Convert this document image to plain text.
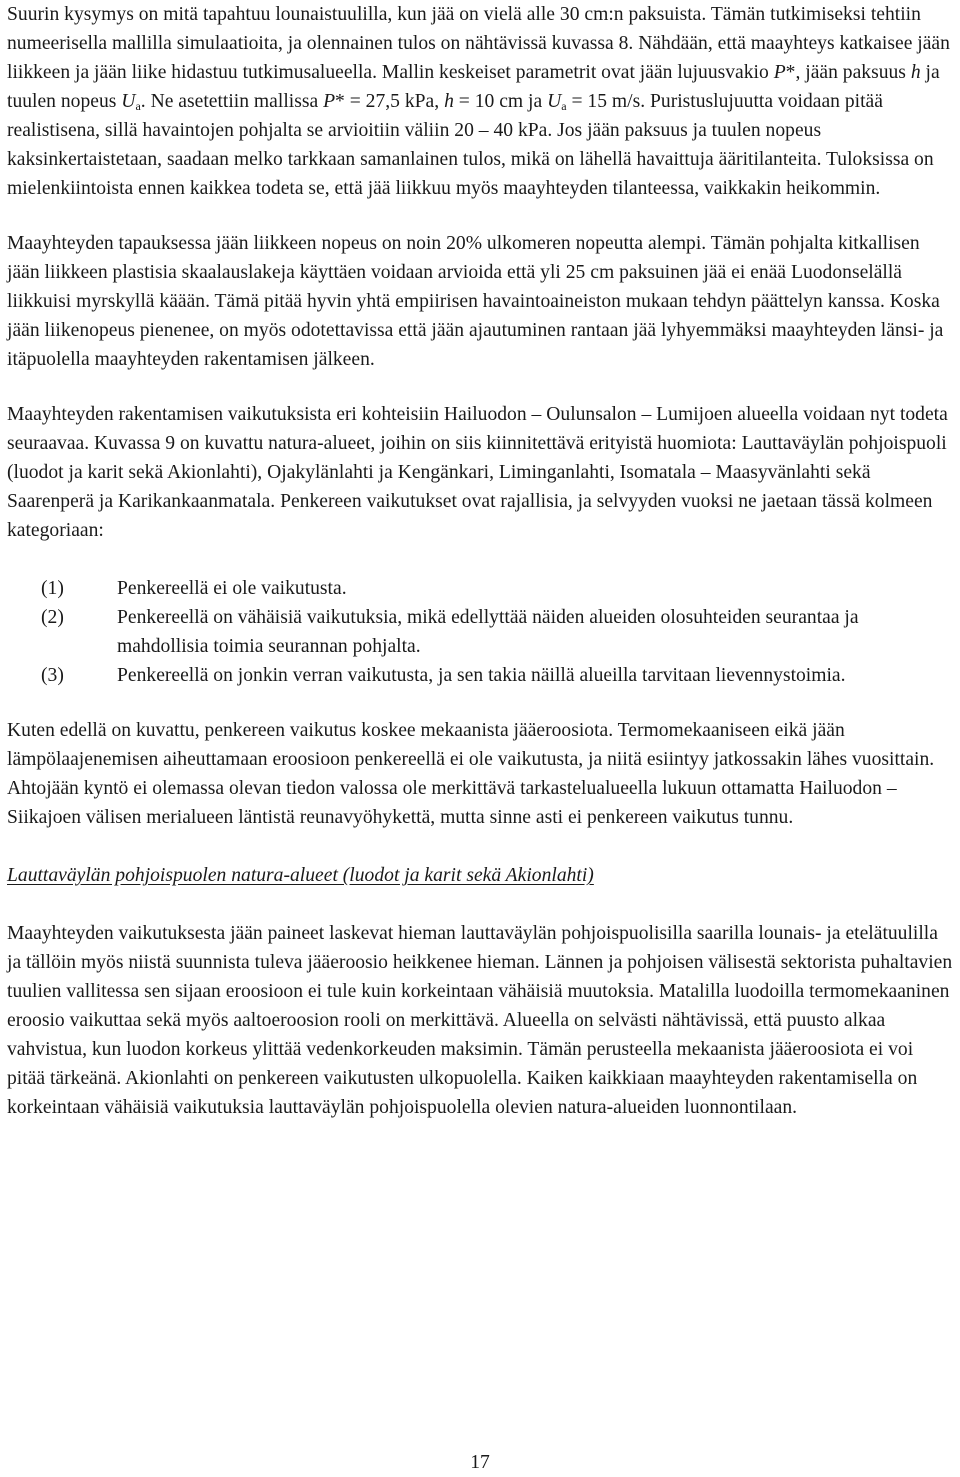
Suurin kysymys on mitä tapahtuu lounaistuulilla, kun jää on vielä alle 30 cm:n paksuista. Tämän tutkimiseksi tehtiin numeerisella mallilla simulaatioita, ja olennainen tulos on nähtävissä kuvassa 8. Nähdään, että maayhteys katkaisee jään liikkeen ja jään liike hidastuu tutkimusalueella. Mallin keskeiset parametrit ovat jään lujuusvakio P*, jään paksuus h ja tuulen nopeus $U_a$. Ne asetettiin mallissa P* = 27,5 kPa, h = 10 cm ja $U_a = 15$ m/s. Puristuslujuutta voidaan pitää realistisena, sillä havaintojen pohjalta se arvioitiin väliin 20 – 40 kPa. Jos jään paksuus ja tuulen nopeus kaksinkertaistetaan, saadaan melko tarkkaan samanlainen tulos, mikä on lähellä havaittuja ääritilanteita. Tuloksissa on mielenkiintoista ennen kaikkea todeta se, että jää liikkuu myös maayhteyden tilanteessa, vaikkakin heikommin.

Maayhteyden tapauksessa jään liikkeen nopeus on noin 20% ulkomeren nopeutta alempi. Tämän pohjalta kitkallisen jään liikkeen plastisia skaalauslakeja käyttäen voidaan arvioida että yli 25 cm paksuinen jää ei enää Luodonselällä liikkuisi myrskyllä käään. Tämä pitää hyvin yhtä empiirisen havaintoaineiston mukaan tehdyn päättelyn kanssa. Koska jään liikenopeus pienenee, on myös odotettavissa että jään ajautuminen rantaan jää lyhyemmäksi maayhteyden länsi- ja itäpuolella maayhteyden rakentamisen jälkeen.

Maayhteyden rakentamisen vaikutuksista eri kohteisiin Hailuodon – Oulunsalon – Lumijoen alueella voidaan nyt todeta seuraavaa. Kuvassa 9 on kuvattu natura-alueet, joihin on siis kiinnitettävä erityistä huomiota: Lauttaväylän pohjoispuoli (luodot ja karit sekä Akionlahti), Ojakylänlahti ja Kengänkari, Liminganlahti, Isomatala – Maasyvänlahti sekä Saarenperä ja Karikankaanmatala. Penkereen vaikutukset ovat rajallisia, ja selvyyden vuoksi ne jaetaan tässä kolmeen kategoriaan:

(1)	Penkereellä ei ole vaikutusta.
(2)	Penkereellä on vähäisiä vaikutuksia, mikä edellyttää näiden alueiden olosuhteiden seurantaa ja mahdollisia toimia seurannan pohjalta.
(3)	Penkereellä on jonkin verran vaikutusta, ja sen takia näillä alueilla tarvitaan lievennystoimia.

Kuten edellä on kuvattu, penkereen vaikutus koskee mekaanista jääeroosiota. Termomekaaniseen eikä jään lämpölaajenemisen aiheuttamaan eroosioon penkereellä ei ole vaikutusta, ja niitä esiintyy jatkossakin lähes vuosittain. Ahtojään kyntö ei olemassa olevan tiedon valossa ole merkittävä tarkastelualueella lukuun ottamatta Hailuodon – Siikajoen välisen merialueen läntistä reunavyöhykettä, mutta sinne asti ei penkereen vaikutus tunnu.

Lauttaväylän pohjoispuolen natura-alueet (luodot ja karit sekä Akionlahti)

Maayhteyden vaikutuksesta jään paineet laskevat hieman lauttaväylän pohjoispuolisilla saarilla lounais- ja etelätuulilla ja tällöin myös niistä suunnista tuleva jääeroosio heikkenee hieman. Lännen ja pohjoisen välisestä sektorista puhaltavien tuulien vallitessa sen sijaan eroosioon ei tule kuin korkeintaan vähäisiä muutoksia. Matalilla luodoilla termomekaaninen eroosio vaikuttaa sekä myös aaltoeroosion rooli on merkittävä. Alueella on selvästi nähtävissä, että puusto alkaa vahvistua, kun luodon korkeus ylittää vedenkorkeuden maksimin. Tämän perusteella mekaanista jääeroosiota ei voi pitää tärkeänä. Akionlahti on penkereen vaikutusten ulkopuolella. Kaiken kaikkiaan maayhteyden rakentamisella on korkeintaan vähäisiä vaikutuksia lauttaväylän pohjoispuolella olevien natura-alueiden luonnontilaan.

17
